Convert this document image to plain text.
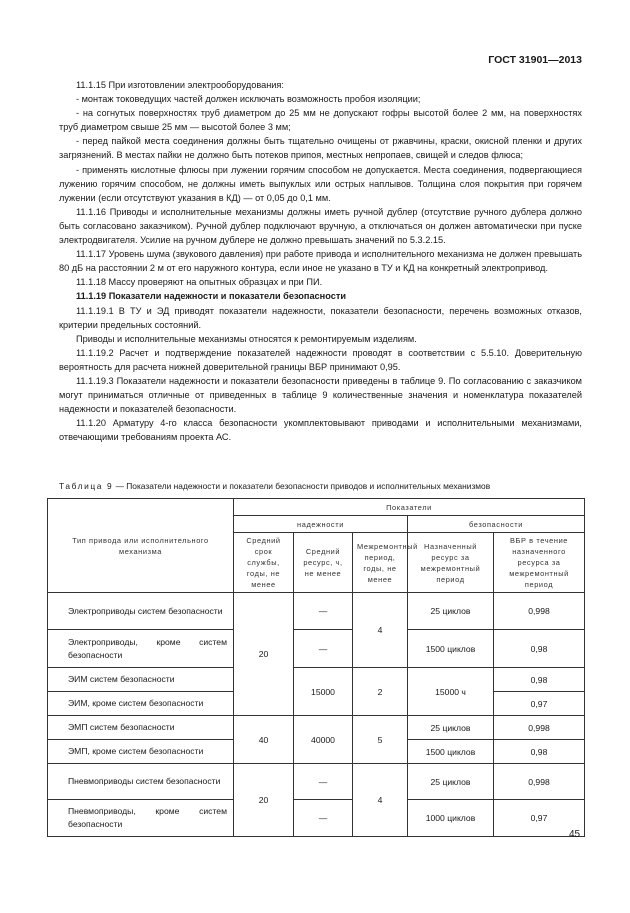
ГОСТ 31901—2013

11.1.15 При изготовлении электрооборудования:

- монтаж токоведущих частей должен исключать возможность пробоя изоляции;

- на согнутых поверхностях труб диаметром до 25 мм не допускают гофры высотой более 2 мм, на поверхностях труб диаметром свыше 25 мм — высотой более 3 мм;

- перед пайкой места соединения должны быть тщательно очищены от ржавчины, краски, окисной пленки и других загрязнений. В местах пайки не должно быть потеков припоя, местных непропаев, свищей и следов флюса;

- применять кислотные флюсы при лужении горячим способом не допускается. Места соединения, подвергающиеся лужению горячим способом, не должны иметь выпуклых или острых наплывов. Толщина слоя покрытия при горячем лужении (если отсутствуют указания в КД) — от 0,05 до 0,1 мм.

11.1.16 Приводы и исполнительные механизмы должны иметь ручной дублер (отсутствие ручного дублера должно быть согласовано заказчиком). Ручной дублер подключают вручную, а отключаться он должен автоматически при пуске электродвигателя. Усилие на ручном дублере не должно превышать значений по 5.3.2.15.

11.1.17 Уровень шума (звукового давления) при работе привода и исполнительного механизма не должен превышать 80 дБ на расстоянии 2 м от его наружного контура, если иное не указано в ТУ и КД на конкретный электропривод.

11.1.18 Массу проверяют на опытных образцах и при ПИ.

11.1.19 Показатели надежности и показатели безопасности

11.1.19.1 В ТУ и ЭД приводят показатели надежности, показатели безопасности, перечень возможных отказов, критерии предельных состояний.

Приводы и исполнительные механизмы относятся к ремонтируемым изделиям.

11.1.19.2 Расчет и подтверждение показателей надежности проводят в соответствии с 5.5.10. Доверительную вероятность для расчета нижней доверительной границы ВБР принимают 0,95.

11.1.19.3 Показатели надежности и показатели безопасности приведены в таблице 9. По согласованию с заказчиком могут приниматься отличные от приведенных в таблице 9 количественные значения и номенклатура показателей надежности и показателей безопасности.

11.1.20 Арматуру 4-го класса безопасности укомплектовывают приводами и исполнительными механизмами, отвечающими требованиям проекта АС.

Таблица 9 — Показатели надежности и показатели безопасности приводов и исполнительных механизмов
Тип привода или исполнительного механизма	Показатели				
	надежности			безопасности	
	Средний срок службы, годы, не менее	Средний ресурс, ч, не менее	Межремонтный период, годы, не менее	Назначенный ресурс за межремонтный период	ВБР в течение назначенного ресурса за межремонтный период
Электроприводы систем безопасности	20	—	4	25 циклов	0,998
Электроприводы, кроме систем безопасности		—		1500 циклов	0,98
ЭИМ систем безопасности		15000	2	15000 ч	0,98
ЭИМ, кроме систем безопасности					0,97
ЭМП систем безопасности	40	40000	5	25 циклов	0,998
ЭМП, кроме систем безопасности				1500 циклов	0,98
Пневмоприводы систем безопасности	20	—	4	25 циклов	0,998
Пневмоприводы, кроме систем безопасности		—		1000 циклов	0,97
45
